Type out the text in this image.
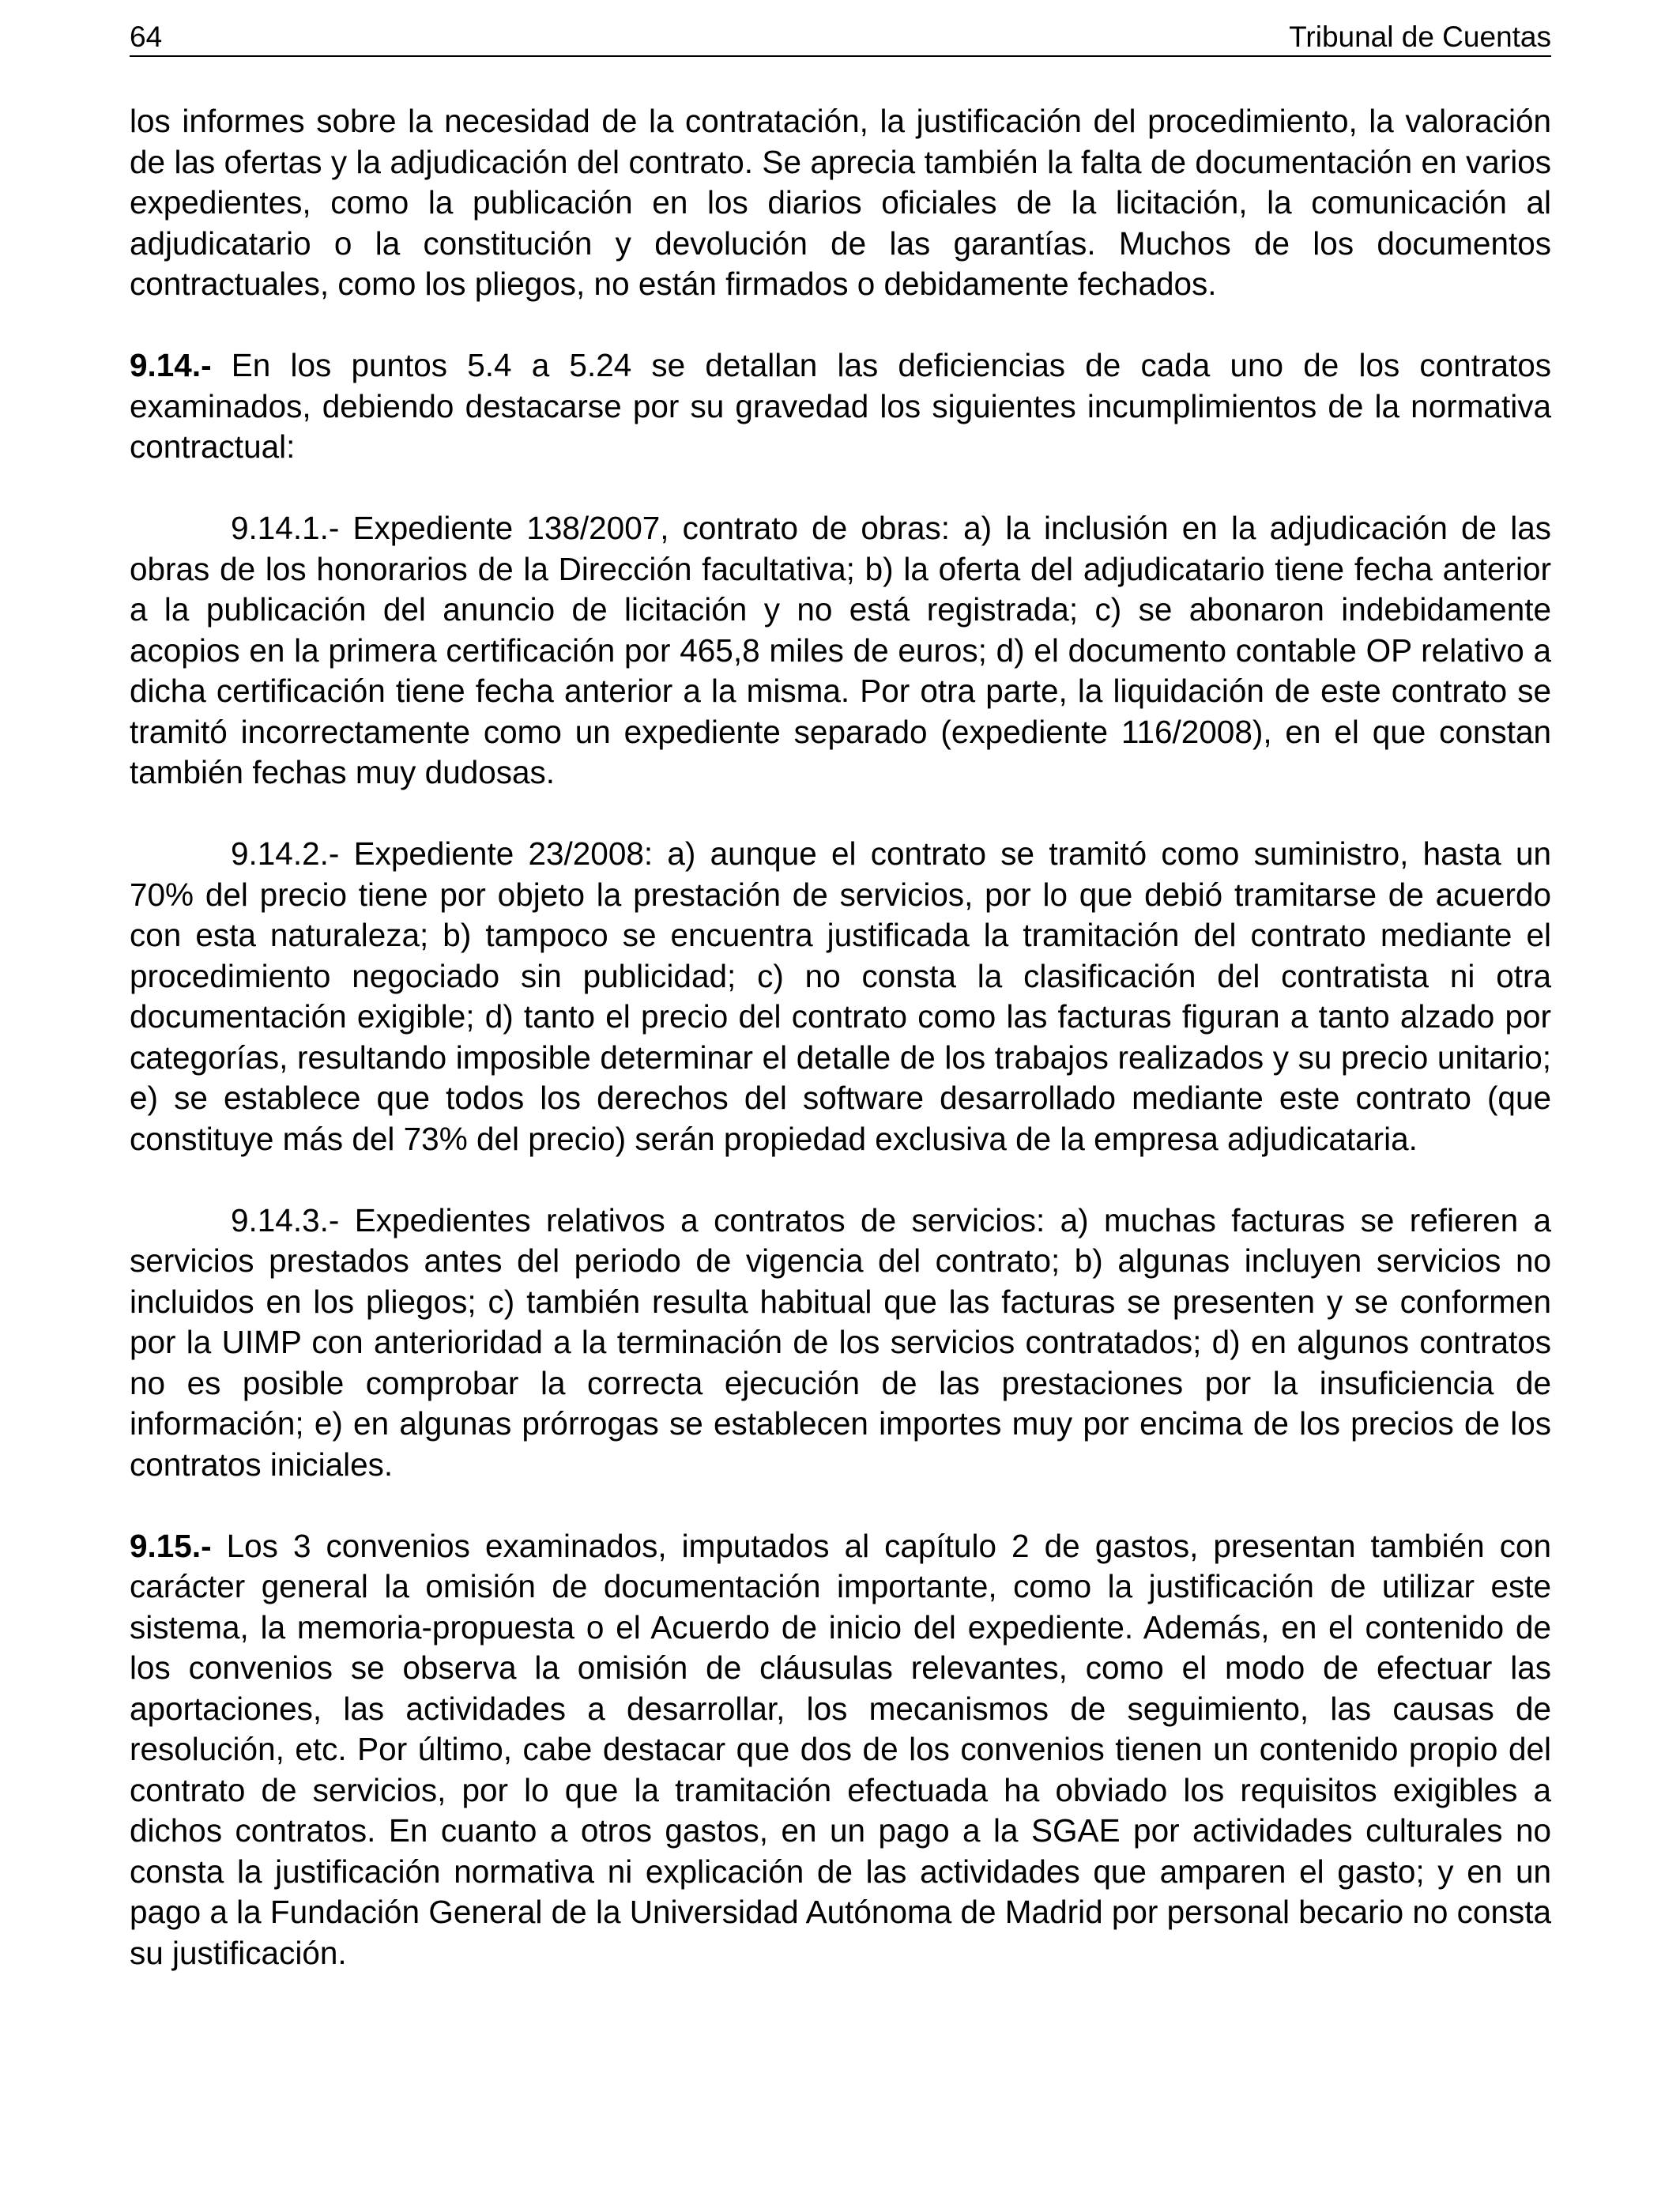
64	Tribunal de Cuentas

los informes sobre la necesidad de la contratación, la justificación del procedimiento, la valoración de las ofertas y la adjudicación del contrato. Se aprecia también la falta de documentación en varios expedientes, como la publicación en los diarios oficiales de la licitación, la comunicación al adjudicatario o la constitución y devolución de las garantías. Muchos de los documentos contractuales, como los pliegos, no están firmados o debidamente fechados.

9.14.- En los puntos 5.4 a 5.24 se detallan las deficiencias de cada uno de los contratos examinados, debiendo destacarse por su gravedad los siguientes incumplimientos de la normativa contractual:

9.14.1.- Expediente 138/2007, contrato de obras: a) la inclusión en la adjudicación de las obras de los honorarios de la Dirección facultativa; b) la oferta del adjudicatario tiene fecha anterior a la publicación del anuncio de licitación y no está registrada; c) se abonaron indebidamente acopios en la primera certificación por 465,8 miles de euros; d) el documento contable OP relativo a dicha certificación tiene fecha anterior a la misma. Por otra parte, la liquidación de este contrato se tramitó incorrectamente como un expediente separado (expediente 116/2008), en el que constan también fechas muy dudosas.

9.14.2.- Expediente 23/2008: a) aunque el contrato se tramitó como suministro, hasta un 70% del precio tiene por objeto la prestación de servicios, por lo que debió tramitarse de acuerdo con esta naturaleza; b) tampoco se encuentra justificada la tramitación del contrato mediante el procedimiento negociado sin publicidad; c) no consta la clasificación del contratista ni otra documentación exigible; d) tanto el precio del contrato como las facturas figuran a tanto alzado por categorías, resultando imposible determinar el detalle de los trabajos realizados y su precio unitario; e) se establece que todos los derechos del software desarrollado mediante este contrato (que constituye más del 73% del precio) serán propiedad exclusiva de la empresa adjudicataria.

9.14.3.- Expedientes relativos a contratos de servicios: a) muchas facturas se refieren a servicios prestados antes del periodo de vigencia del contrato; b) algunas incluyen servicios no incluidos en los pliegos; c) también resulta habitual que las facturas se presenten y se conformen por la UIMP con anterioridad a la terminación de los servicios contratados; d) en algunos contratos no es posible comprobar la correcta ejecución de las prestaciones por la insuficiencia de información; e) en algunas prórrogas se establecen importes muy por encima de los precios de los contratos iniciales.

9.15.- Los 3 convenios examinados, imputados al capítulo 2 de gastos, presentan también con carácter general la omisión de documentación importante, como la justificación de utilizar este sistema, la memoria-propuesta o el Acuerdo de inicio del expediente. Además, en el contenido de los convenios se observa la omisión de cláusulas relevantes, como el modo de efectuar las aportaciones, las actividades a desarrollar, los mecanismos de seguimiento, las causas de resolución, etc. Por último, cabe destacar que dos de los convenios tienen un contenido propio del contrato de servicios, por lo que la tramitación efectuada ha obviado los requisitos exigibles a dichos contratos. En cuanto a otros gastos, en un pago a la SGAE por actividades culturales no consta la justificación normativa ni explicación de las actividades que amparen el gasto; y en un pago a la Fundación General de la Universidad Autónoma de Madrid por personal becario no consta su justificación.
